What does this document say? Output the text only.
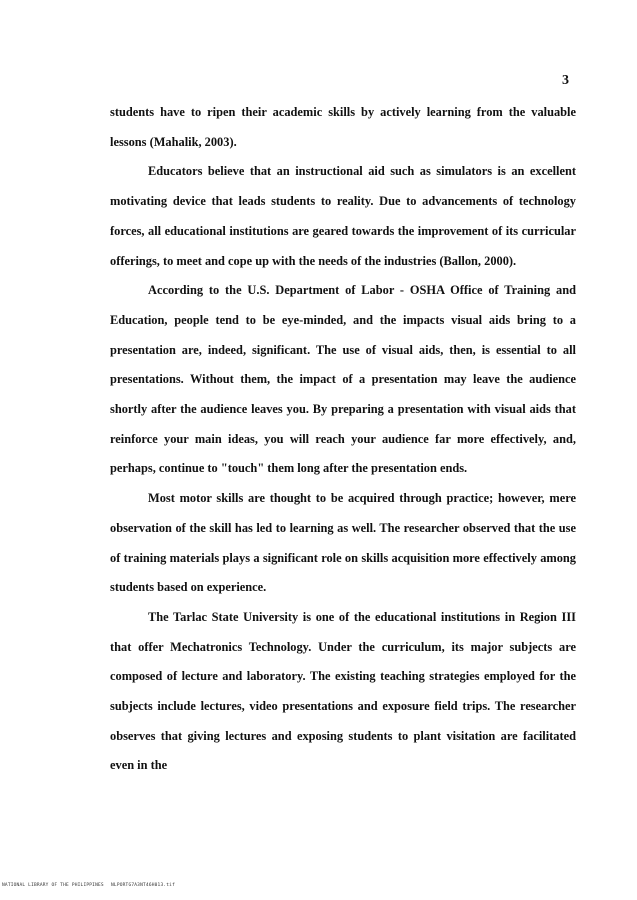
3

students have to ripen their academic skills by actively learning from the valuable lessons (Mahalik, 2003).

Educators believe that an instructional aid such as simulators is an excellent motivating device that leads students to reality. Due to advancements of technology forces, all educational institutions are geared towards the improvement of its curricular offerings, to meet and cope up with the needs of the industries (Ballon, 2000).

According to the U.S. Department of Labor - OSHA Office of Training and Education, people tend to be eye-minded, and the impacts visual aids bring to a presentation are, indeed, significant. The use of visual aids, then, is essential to all presentations. Without them, the impact of a presentation may leave the audience shortly after the audience leaves you. By preparing a presentation with visual aids that reinforce your main ideas, you will reach your audience far more effectively, and, perhaps, continue to "touch" them long after the presentation ends.

Most motor skills are thought to be acquired through practice; however, mere observation of the skill has led to learning as well. The researcher observed that the use of training materials plays a significant role on skills acquisition more effectively among students based on experience.

The Tarlac State University is one of the educational institutions in Region III that offer Mechatronics Technology. Under the curriculum, its major subjects are composed of lecture and laboratory. The existing teaching strategies employed for the subjects include lectures, video presentations and exposure field trips. The researcher observes that giving lectures and exposing students to plant visitation are facilitated even in the

NATIONAL LIBRARY OF THE PHILIPPINES NLPORTG7A3NT46H013.tif
